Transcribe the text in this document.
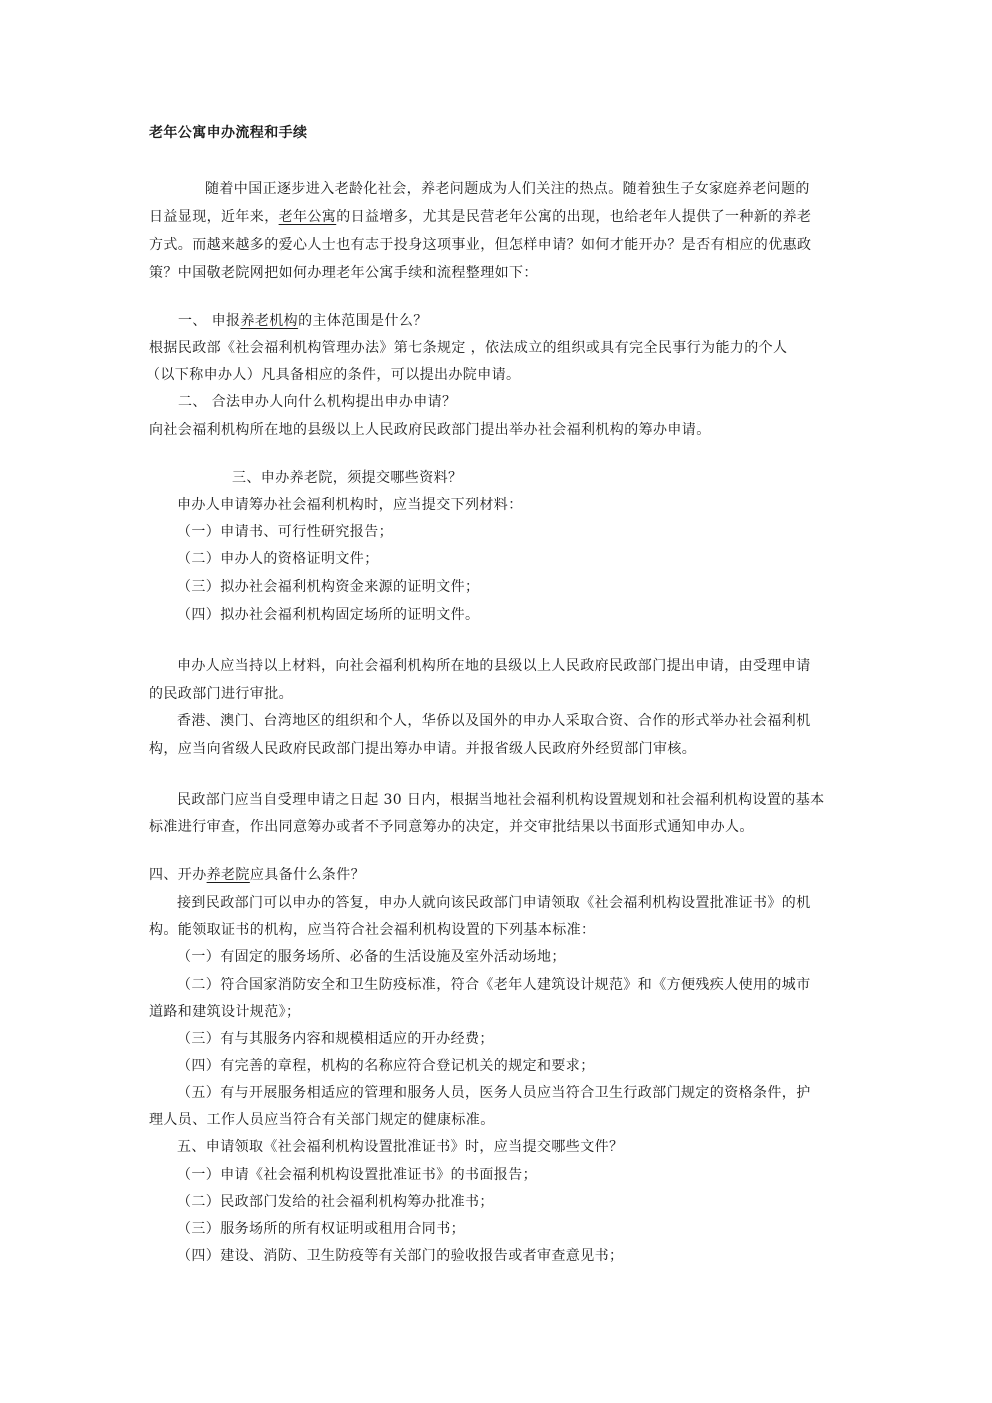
老年公寓申办流程和手续
随着中国正逐步进入老龄化社会，养老问题成为人们关注的热点。随着独生子女家庭养老问题的
日益显现，近年来，老年公寓的日益增多，尤其是民营老年公寓的出现，也给老年人提供了一种新的养老
方式。而越来越多的爱心人士也有志于投身这项事业，但怎样申请？如何才能开办？是否有相应的优惠政
策？中国敬老院网把如何办理老年公寓手续和流程整理如下：
一、 申报养老机构的主体范围是什么？
根据民政部《社会福利机构管理办法》第七条规定 ，依法成立的组织或具有完全民事行为能力的个人
（以下称申办人）凡具备相应的条件，可以提出办院申请。
二、 合法申办人向什么机构提出申办申请？
向社会福利机构所在地的县级以上人民政府民政部门提出举办社会福利机构的筹办申请。
三、申办养老院，须提交哪些资料？
申办人申请筹办社会福利机构时，应当提交下列材料：
（一）申请书、可行性研究报告；
（二）申办人的资格证明文件；
（三）拟办社会福利机构资金来源的证明文件；
（四）拟办社会福利机构固定场所的证明文件。
申办人应当持以上材料，向社会福利机构所在地的县级以上人民政府民政部门提出申请，由受理申请
的民政部门进行审批。
香港、澳门、台湾地区的组织和个人，华侨以及国外的申办人采取合资、合作的形式举办社会福利机
构，应当向省级人民政府民政部门提出筹办申请。并报省级人民政府外经贸部门审核。
民政部门应当自受理申请之日起 30 日内，根据当地社会福利机构设置规划和社会福利机构设置的基本
标准进行审查，作出同意筹办或者不予同意筹办的决定，并交审批结果以书面形式通知申办人。
四、开办养老院应具备什么条件？
接到民政部门可以申办的答复，申办人就向该民政部门申请领取《社会福利机构设置批准证书》的机
构。能领取证书的机构，应当符合社会福利机构设置的下列基本标准：
（一）有固定的服务场所、必备的生活设施及室外活动场地；
（二）符合国家消防安全和卫生防疫标准，符合《老年人建筑设计规范》和《方便残疾人使用的城市
道路和建筑设计规范》；
（三）有与其服务内容和规模相适应的开办经费；
（四）有完善的章程，机构的名称应符合登记机关的规定和要求；
（五）有与开展服务相适应的管理和服务人员，医务人员应当符合卫生行政部门规定的资格条件，护
理人员、工作人员应当符合有关部门规定的健康标准。
五、申请领取《社会福利机构设置批准证书》时，应当提交哪些文件？
（一）申请《社会福利机构设置批准证书》的书面报告；
（二）民政部门发给的社会福利机构筹办批准书；
（三）服务场所的所有权证明或租用合同书；
（四）建设、消防、卫生防疫等有关部门的验收报告或者审查意见书；
